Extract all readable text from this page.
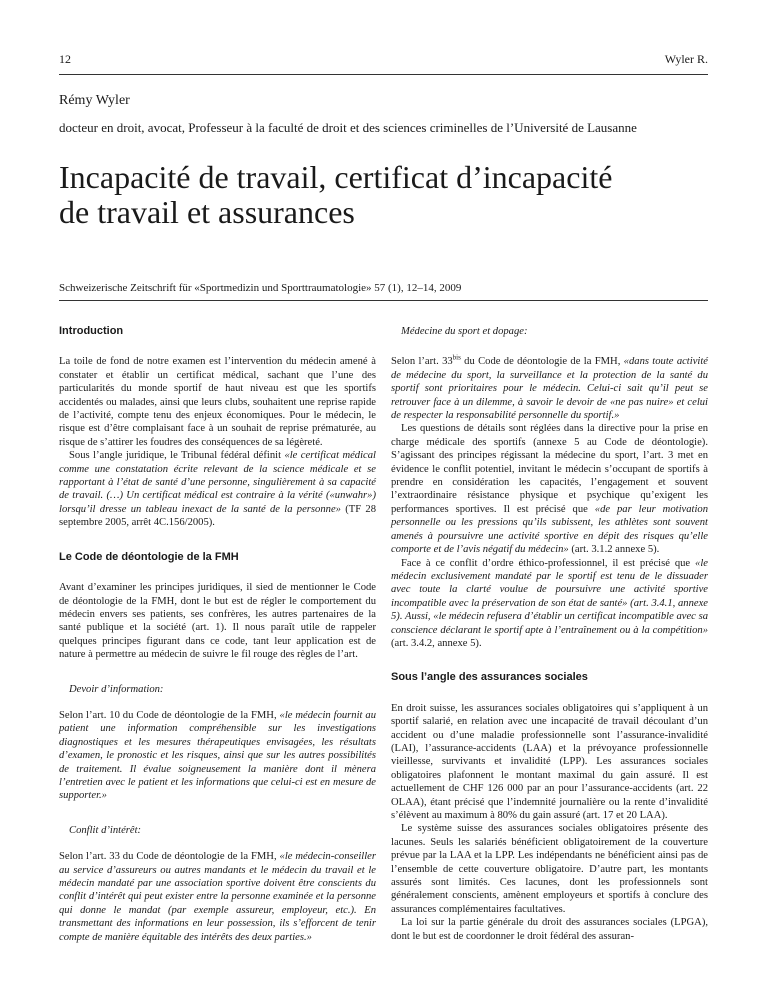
12	Wyler R.
Rémy Wyler
docteur en droit, avocat, Professeur à la faculté de droit et des sciences criminelles de l’Université de Lausanne
Incapacité de travail, certificat d’incapacité
de travail et assurances
Schweizerische Zeitschrift für «Sportmedizin und Sporttraumatologie» 57 (1), 12–14, 2009
Introduction

La toile de fond de notre examen est l’intervention du médecin amené à constater et établir un certificat médical, sachant que l’une des particularités du monde sportif de haut niveau est que les sportifs accidentés ou malades, ainsi que leurs clubs, souhaitent une reprise rapide de l’activité, compte tenu des enjeux économiques. Pour le médecin, le risque est d’être complaisant face à un souhait de reprise prématurée, au risque de s’attirer les foudres des conséquences de sa légèreté.

Sous l’angle juridique, le Tribunal fédéral définit «le certificat médical comme une constatation écrite relevant de la science médicale et se rapportant à l’état de santé d’une personne, singulièrement à sa capacité de travail. (…) Un certificat médical est contraire à la vérité («unwahr») lorsqu’il dresse un tableau inexact de la santé de la personne» (TF 28 septembre 2005, arrêt 4C.156/2005).

Le Code de déontologie de la FMH

Avant d’examiner les principes juridiques, il sied de mentionner le Code de déontologie de la FMH, dont le but est de régler le comportement du médecin envers ses patients, ses confrères, les autres partenaires de la santé publique et la société (art. 1). Il nous paraît utile de rappeler quelques principes figurant dans ce code, tant leur application est de nature à permettre au médecin de suivre le fil rouge des règles de l’art.

Devoir d’information:

Selon l’art. 10 du Code de déontologie de la FMH, «le médecin fournit au patient une information compréhensible sur les investigations diagnostiques et les mesures thérapeutiques envisagées, les résultats d’examen, le pronostic et les risques, ainsi que sur les autres possibilités de traitement. Il évalue soigneusement la manière dont il mènera l’entretien avec le patient et les informations que celui-ci est en mesure de supporter.»

Conflit d’intérêt:

Selon l’art. 33 du Code de déontologie de la FMH, «le médecin-conseiller au service d’assureurs ou autres mandants et le médecin du travail et le médecin mandaté par une association sportive doivent être conscients du conflit d’intérêt qui peut exister entre la personne examinée et la personne qui donne le mandat (par exemple assureur, employeur, etc.). En transmettant des informations en leur possession, ils s’efforcent de tenir compte de manière équitable des intérêts des deux parties.»

Médecine du sport et dopage:

Selon l’art. $33^{bis}$ du Code de déontologie de la FMH, «dans toute activité de médecine du sport, la surveillance et la protection de la santé du sportif sont prioritaires pour le médecin. Celui-ci sait qu’il peut se retrouver face à un dilemme, à savoir le devoir de «ne pas nuire» et celui de respecter la responsabilité personnelle du sportif.»

Les questions de détails sont réglées dans la directive pour la prise en charge médicale des sportifs (annexe 5 au Code de déontologie). S’agissant des principes régissant la médecine du sport, l’art. 3 met en évidence le conflit potentiel, invitant le médecin s’occupant de sportifs à prendre en considération les capacités, l’engagement et souvent l’extraordinaire résistance physique et psychique qu’exigent les performances sportives. Il est précisé que «de par leur motivation personnelle ou les pressions qu’ils subissent, les athlètes sont souvent amenés à poursuivre une activité sportive en dépit des risques qu’elle comporte et de l’avis négatif du médecin» (art. 3.1.2 annexe 5).

Face à ce conflit d’ordre éthico-professionnel, il est précisé que «le médecin exclusivement mandaté par le sportif est tenu de le dissuader avec toute la clarté voulue de poursuivre une activité sportive incompatible avec la préservation de son état de santé» (art. 3.4.1, annexe 5). Aussi, «le médecin refusera d’établir un certificat incompatible avec sa conscience déclarant le sportif apte à l’entraînement ou à la compétition» (art. 3.4.2, annexe 5).

Sous l’angle des assurances sociales

En droit suisse, les assurances sociales obligatoires qui s’appliquent à un sportif salarié, en relation avec une incapacité de travail découlant d’un accident ou d’une maladie professionnelle sont l’assurance-invalidité (LAI), l’assurance-accidents (LAA) et la prévoyance professionnelle vieillesse, survivants et invalidité (LPP). Les assurances sociales obligatoires plafonnent le montant maximal du gain assuré. Il est actuellement de CHF 126 000 par an pour l’assurance-accidents (art. 22 OLAA), étant précisé que l’indemnité journalière ou la rente d’invalidité s’élèvent au maximum à 80% du gain assuré (art. 17 et 20 LAA).

Le système suisse des assurances sociales obligatoires présente des lacunes. Seuls les salariés bénéficient obligatoirement de la couverture prévue par la LAA et la LPP. Les indépendants ne bénéficient ainsi pas de l’ensemble de cette couverture obligatoire. D’autre part, les montants assurés sont limités. Ces lacunes, dont les professionnels sont généralement conscients, amènent employeurs et sportifs à conclure des assurances complémentaires facultatives.

La loi sur la partie générale du droit des assurances sociales (LPGA), dont le but est de coordonner le droit fédéral des assuran-
